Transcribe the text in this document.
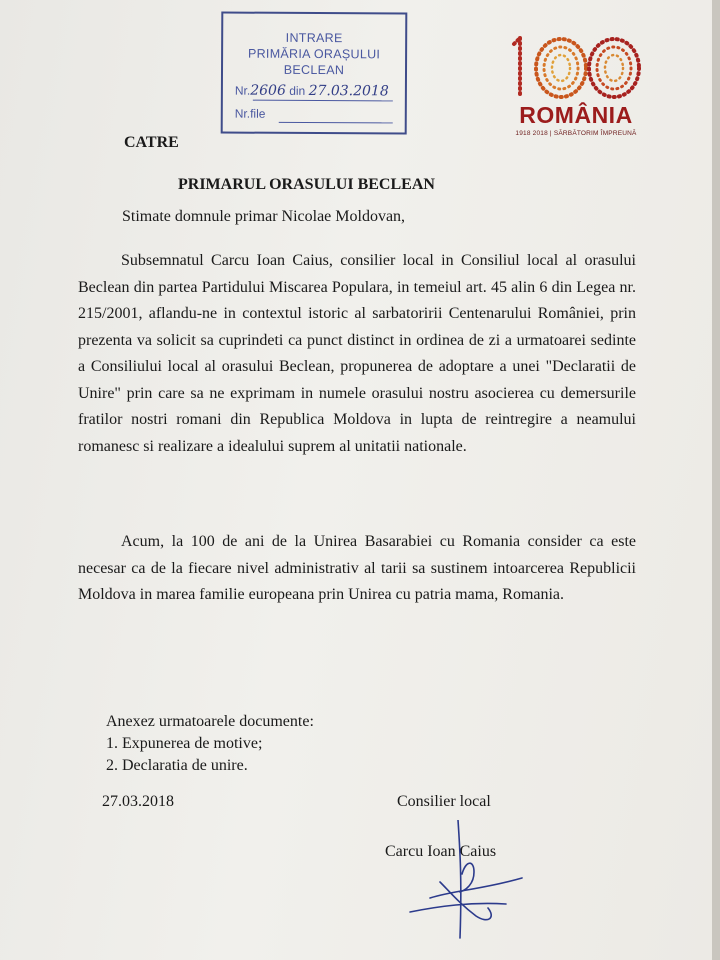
INTRARE
PRIMĂRIA ORAȘULUI
BECLEAN
Nr.2606 din 27.03.2018
Nr.file	ROMÂNIA
1918 2018 | SĂRBĂTORIM ÎMPREUNĂ
CATRE
PRIMARUL ORASULUI BECLEAN
Stimate domnule primar Nicolae Moldovan,
Subsemnatul Carcu Ioan Caius, consilier local in Consiliul local al orasului Beclean din partea Partidului Miscarea Populara, in temeiul art. 45 alin 6 din Legea nr. 215/2001, aflandu-ne in contextul istoric al sarbatoririi Centenarului României, prin prezenta va solicit sa cuprindeti ca punct distinct in ordinea de zi a urmatoarei sedinte a Consiliului local al orasului Beclean, propunerea de adoptare a unei "Declaratii de Unire" prin care sa ne exprimam in numele orasului nostru asocierea cu demersurile fratilor nostri romani din Republica Moldova in lupta de reintregire a neamului romanesc si realizare a idealului suprem al unitatii nationale.
Acum, la 100 de ani de la Unirea Basarabiei cu Romania consider ca este necesar ca de la fiecare nivel administrativ al tarii sa sustinem intoarcerea Republicii Moldova in marea familie europeana prin Unirea cu patria mama, Romania.
Anexez urmatoarele documente:
1. Expunerea de motive;
2. Declaratia de unire.
27.03.2018	Consilier local
Carcu Ioan Caius
